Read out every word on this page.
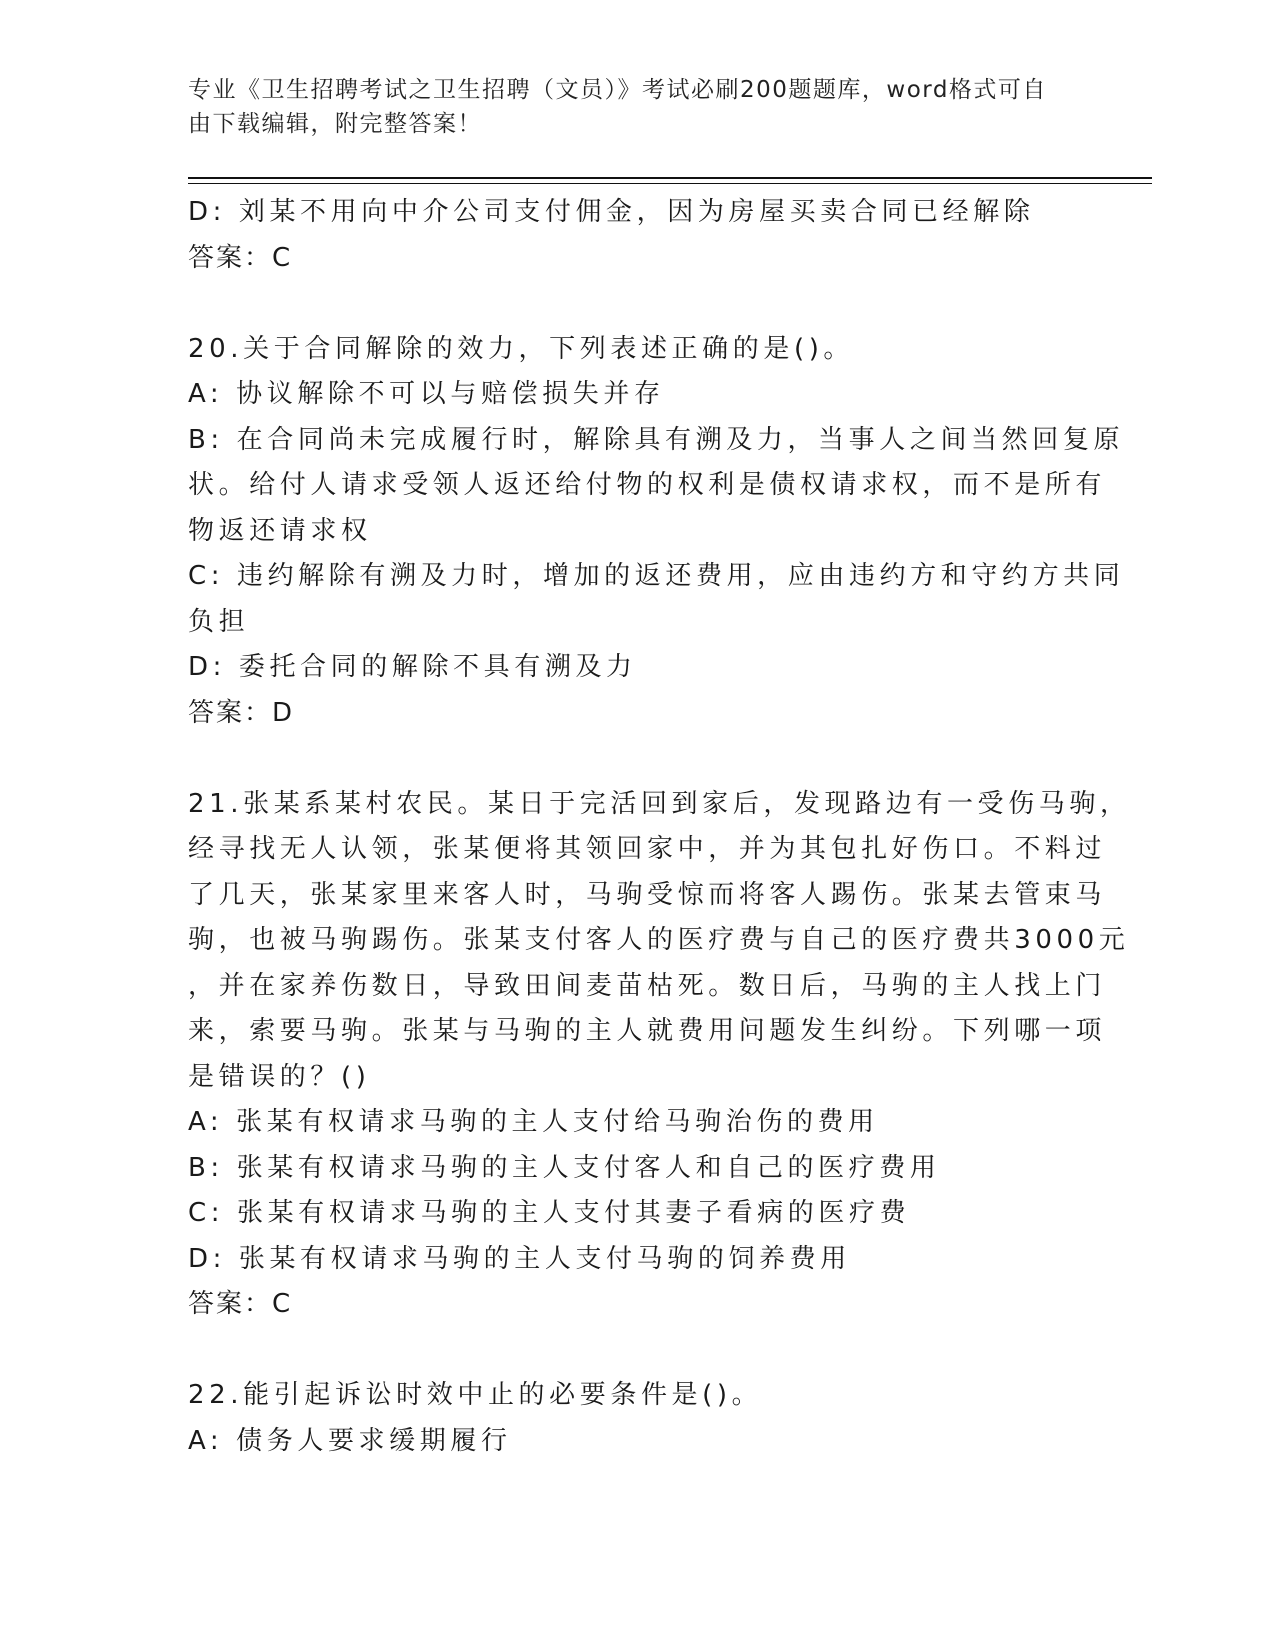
专业《卫生招聘考试之卫生招聘（文员）》考试必刷200题题库，word格式可自
由下载编辑，附完整答案！
D: 刘某不用向中介公司支付佣金，因为房屋买卖合同已经解除
答案：C
20.关于合同解除的效力，下列表述正确的是()。
A: 协议解除不可以与赔偿损失并存
B: 在合同尚未完成履行时，解除具有溯及力，当事人之间当然回复原
状。给付人请求受领人返还给付物的权利是债权请求权，而不是所有
物返还请求权
C: 违约解除有溯及力时，增加的返还费用，应由违约方和守约方共同
负担
D: 委托合同的解除不具有溯及力
答案：D
21.张某系某村农民。某日于完活回到家后，发现路边有一受伤马驹，
经寻找无人认领，张某便将其领回家中，并为其包扎好伤口。不料过
了几天，张某家里来客人时，马驹受惊而将客人踢伤。张某去管束马
驹，也被马驹踢伤。张某支付客人的医疗费与自己的医疗费共3000元
，并在家养伤数日，导致田间麦苗枯死。数日后，马驹的主人找上门
来，索要马驹。张某与马驹的主人就费用问题发生纠纷。下列哪一项
是错误的？()
A: 张某有权请求马驹的主人支付给马驹治伤的费用
B: 张某有权请求马驹的主人支付客人和自己的医疗费用
C: 张某有权请求马驹的主人支付其妻子看病的医疗费
D: 张某有权请求马驹的主人支付马驹的饲养费用
答案：C
22.能引起诉讼时效中止的必要条件是()。
A: 债务人要求缓期履行
